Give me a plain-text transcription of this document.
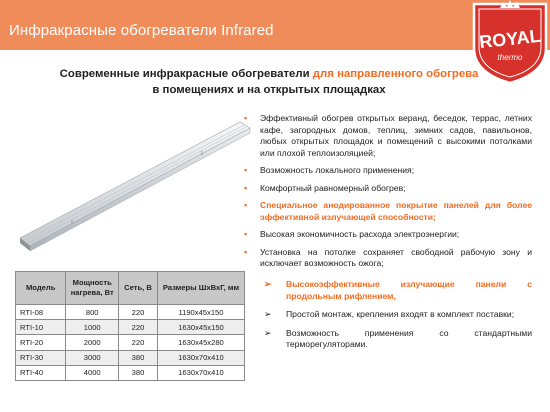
Инфракрасные обогреватели Infrared	ROYAL
thermo
Современные инфракрасные обогреватели для направленного обогрева
в помещениях и на открытых площадках
▪ Эффективный обогрев открытых веранд, беседок, террас, летних кафе, загородных домов, теплиц, зимних садов, павильонов, любых открытых площадок и помещений с высокими потолками или плохой теплоизоляцией;
▪ Возможность локального применения;
▪ Комфортный равномерный обогрев;
▪ Специальное анодированное покрытие панелей для более эффективной излучающей способности;
▪ Высокая экономичность расхода электроэнергии;
▪ Установка на потолке сохраняет свободной рабочую зону и исключает возможность ожога;
➢ Высокоэффективные излучающие панели с продольным рифлением,
➢ Простой монтаж, крепления входят в комплект поставки;
➢ Возможность применения со стандартными терморегуляторами.
Модель	Мощность нагрева, Вт	Сеть, В	Размеры ШхВхГ, мм
RTI-08	800	220	1190x45x150
RTI-10	1000	220	1630x45x150
RTI-20	2000	220	1630x45x280
RTI-30	3000	380	1630x70x410
RTI-40	4000	380	1630x70x410
